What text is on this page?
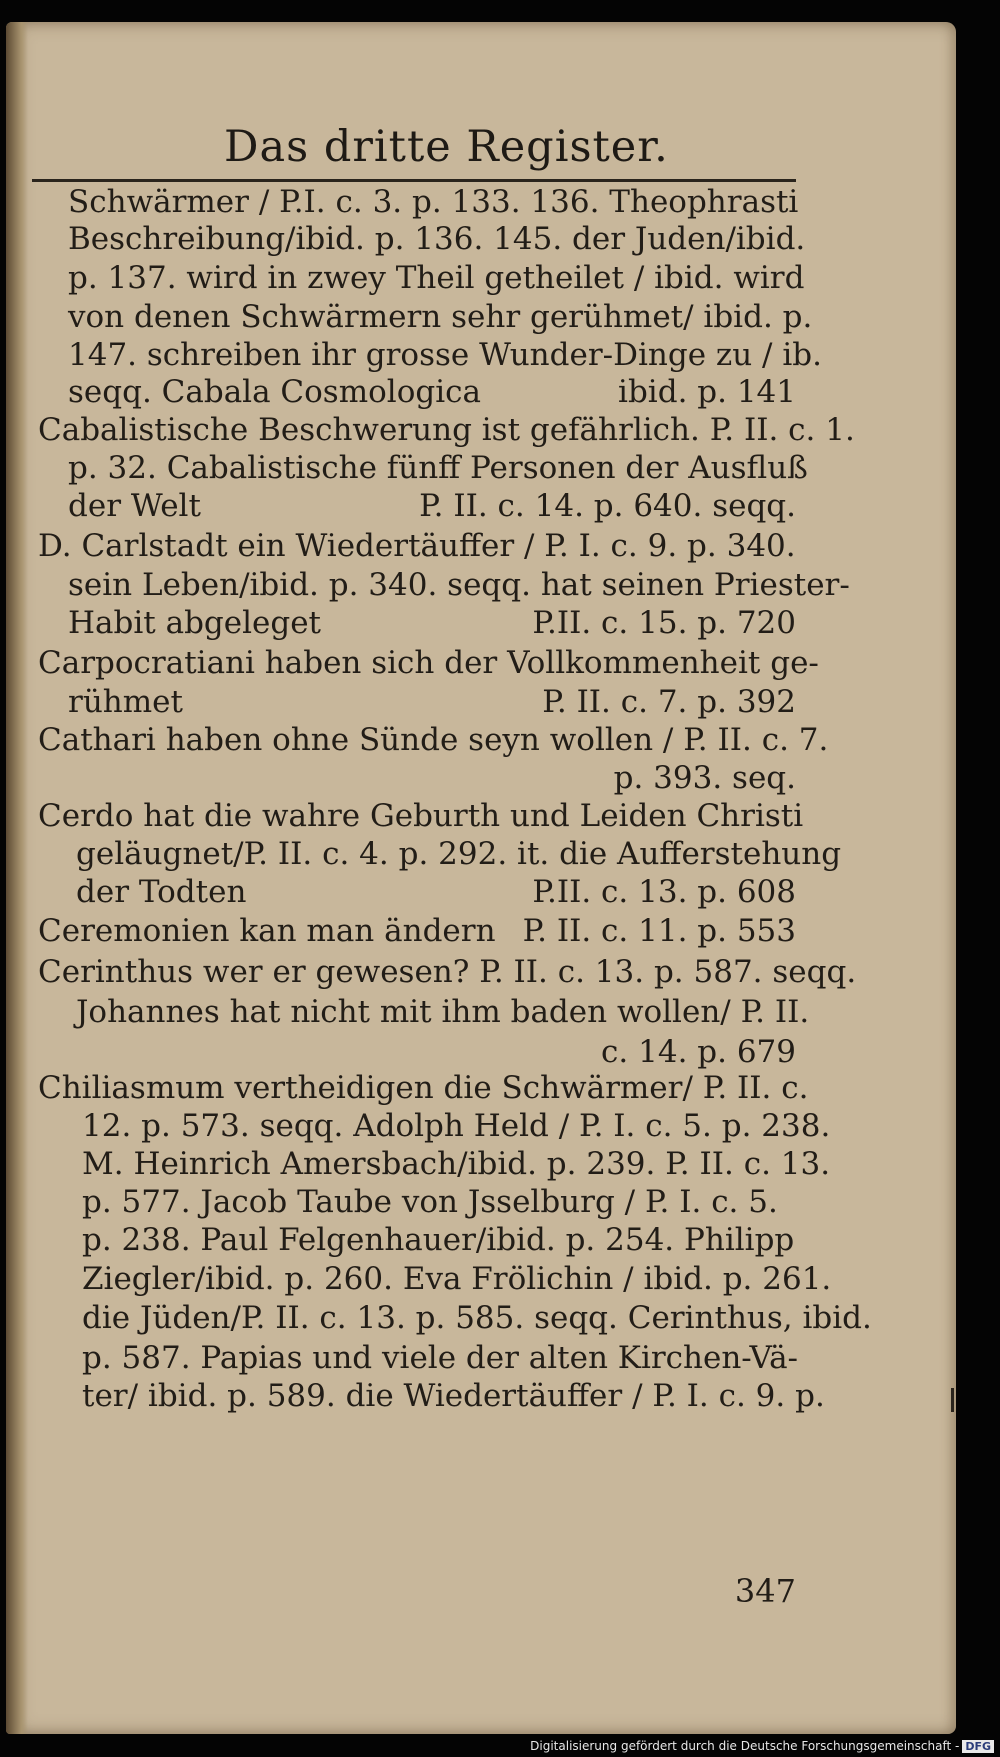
Das dritte Register.
Schwärmer / P.I. c. 3. p. 133. 136. Theophrasti
Beschreibung/ibid. p. 136. 145. der Juden/ibid.
p. 137. wird in zwey Theil getheilet / ibid. wird
von denen Schwärmern sehr gerühmet/ ibid. p.
147. schreiben ihr grosse Wunder-Dinge zu / ib.
seqq. Cabala Cosmologica	ibid. p. 141
Cabalistische Beschwerung ist gefährlich. P. II. c. 1.
p. 32. Cabalistische fünff Personen der Ausfluß
der Welt	P. II. c. 14. p. 640. seqq.
D. Carlstadt ein Wiedertäuffer / P. I. c. 9. p. 340.
sein Leben/ibid. p. 340. seqq. hat seinen Priester-
Habit abgeleget	P.II. c. 15. p. 720
Carpocratiani haben sich der Vollkommenheit ge-
rühmet	P. II. c. 7. p. 392
Cathari haben ohne Sünde seyn wollen / P. II. c. 7.
p. 393. seq.
Cerdo hat die wahre Geburth und Leiden Christi
geläugnet/P. II. c. 4. p. 292. it. die Aufferstehung
der Todten	P.II. c. 13. p. 608
Ceremonien kan man ändern P. II. c. 11. p. 553
Cerinthus wer er gewesen? P. II. c. 13. p. 587. seqq.
Johannes hat nicht mit ihm baden wollen/ P. II.
c. 14. p. 679
Chiliasmum vertheidigen die Schwärmer/ P. II. c.
12. p. 573. seqq. Adolph Held / P. I. c. 5. p. 238.
M. Heinrich Amersbach/ibid. p. 239. P. II. c. 13.
p. 577. Jacob Taube von Jsselburg / P. I. c. 5.
p. 238. Paul Felgenhauer/ibid. p. 254. Philipp
Ziegler/ibid. p. 260. Eva Frölichin / ibid. p. 261.
die Jüden/P. II. c. 13. p. 585. seqq. Cerinthus, ibid.
p. 587. Papias und viele der alten Kirchen-Vä-
ter/ ibid. p. 589. die Wiedertäuffer / P. I. c. 9. p.
347
Digitalisierung gefördert durch die Deutsche Forschungsgemeinschaft - DFG
